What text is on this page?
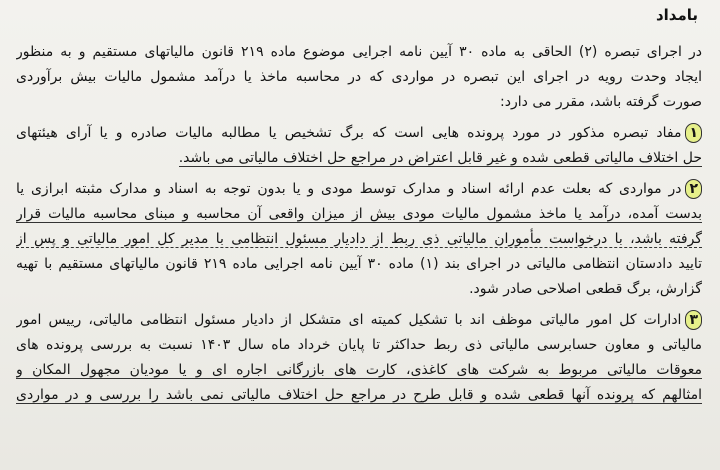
بامداد
در اجرای تبصره (۲) الحاقی به ماده ۳۰ آیین نامه اجرایی موضوع ماده ۲۱۹ قانون مالیاتهای مستقیم و به منظور
ایجاد وحدت رویه در اجرای این تبصره در مواردی که در محاسبه ماخذ یا درآمد مشمول مالیات بیش برآوردی
صورت گرفته باشد، مقرر می دارد:
۱مفاد تبصره مذکور در مورد پرونده هایی است که برگ تشخیص یا مطالبه مالیات صادره و یا آرای هیئتهای
حل اختلاف مالیاتی قطعی شده و غیر قابل اعتراض در مراجع حل اختلاف مالیاتی می باشد.
۲در مواردی که بعلت عدم ارائه اسناد و مدارک توسط مودی و یا بدون توجه به اسناد و مدارک مثبته ابرازی یا
بدست آمده، درآمد یا ماخذ مشمول مالیات مودی بیش از میزان واقعی آن محاسبه و مبنای محاسبه مالیات قرار
گرفته باشد، با درخواست مأموران مالیاتی ذی ربط از دادیار مسئول انتظامی با مدیر کل امور مالیاتی و پس از
تایید دادستان انتظامی مالیاتی در اجرای بند (۱) ماده ۳۰ آیین نامه اجرایی ماده ۲۱۹ قانون مالیاتهای مستقیم با تهیه
گزارش، برگ قطعی اصلاحی صادر شود.
۳ادارات کل امور مالیاتی موظف اند با تشکیل کمیته ای متشکل از دادیار مسئول انتظامی مالیاتی، رییس امور
مالیاتی و معاون حسابرسی مالیاتی ذی ربط حداکثر تا پایان خرداد ماه سال ۱۴۰۳ نسبت به بررسی پرونده های
معوقات مالیاتی مربوط به شرکت های کاغذی، کارت های بازرگانی اجاره ای و یا مودیان مجهول المکان و
امثالهم که پرونده آنها قطعی شده و قابل طرح در مراجع حل اختلاف مالیاتی نمی باشد را بررسی و در مواردی
